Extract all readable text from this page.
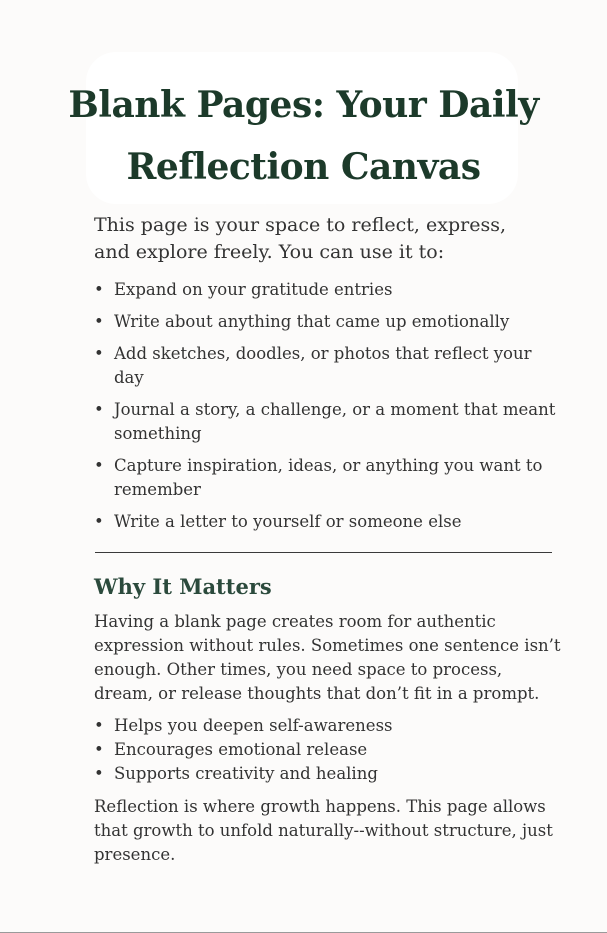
Blank Pages: Your Daily Reflection Canvas

This page is your space to reflect, express, and explore freely. You can use it to:

• Expand on your gratitude entries
• Write about anything that came up emotionally
• Add sketches, doodles, or photos that reflect your day
• Journal a story, a challenge, or a moment that meant something
• Capture inspiration, ideas, or anything you want to remember
• Write a letter to yourself or someone else
Why It Matters

Having a blank page creates room for authentic expression without rules. Sometimes one sentence isn’t enough. Other times, you need space to process, dream, or release thoughts that don’t fit in a prompt.

• Helps you deepen self-awareness
• Encourages emotional release
• Supports creativity and healing

Reflection is where growth happens. This page allows that growth to unfold naturally--without structure, just presence.
